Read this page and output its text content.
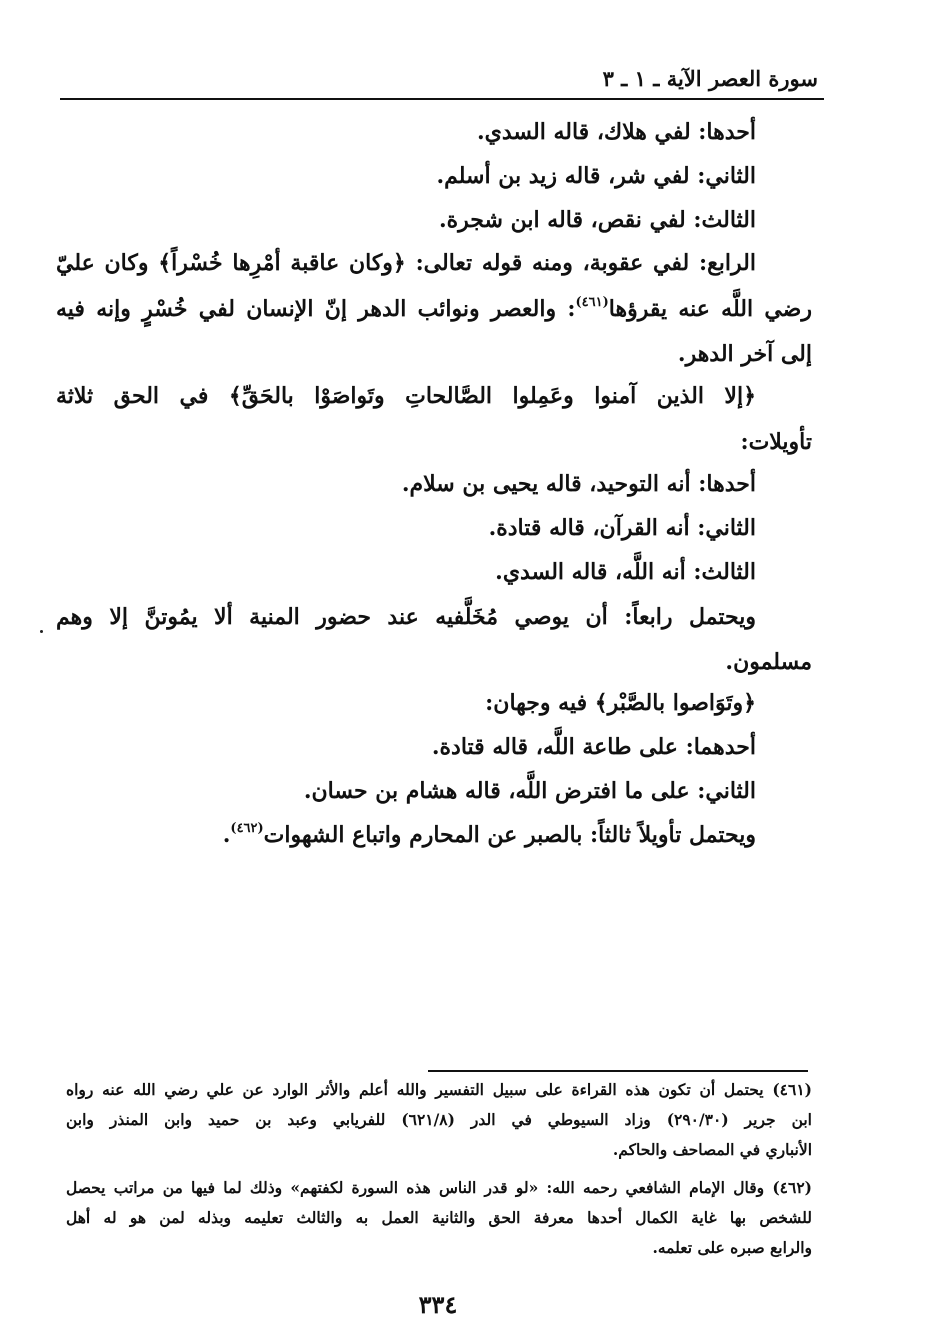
سورة العصر الآية ـ ١ ـ ٣
أحدها: لفي هلاك، قاله السدي.
الثاني: لفي شر، قاله زيد بن أسلم.
الثالث: لفي نقص، قاله ابن شجرة.
الرابع: لفي عقوبة، ومنه قوله تعالى: ﴿وكان عاقبة أمْرِها خُسْراً﴾ وكان عليّ
رضي اللَّه عنه يقرؤها$^{(٤٦١)}$: والعصر ونوائب الدهر إنّ الإنسان لفي خُسْرٍ وإنه فيه
إلى آخر الدهر.
﴿إلا الذين آمنوا وعَمِلوا الصَّالحاتِ وتَواصَوْا بالحَقِّ﴾ في الحق ثلاثة
تأويلات:
أحدها: أنه التوحيد، قاله يحيى بن سلام.
الثاني: أنه القرآن، قاله قتادة.
الثالث: أنه اللَّه، قاله السدي.
ويحتمل رابعاً: أن يوصي مُخَلَّفيه عند حضور المنية ألا يمُوتنَّ إلا وهم
مسلمون.
﴿وتَوَاصوا بالصَّبْر﴾ فيه وجهان:
أحدهما: على طاعة اللَّه، قاله قتادة.
الثاني: على ما افترض اللَّه، قاله هشام بن حسان.
ويحتمل تأويلاً ثالثاً: بالصبر عن المحارم واتباع الشهوات$^{(٤٦٢)}$.
(٤٦١) يحتمل أن تكون هذه القراءة على سبيل التفسير والله أعلم والأثر الوارد عن علي رضي الله عنه رواه
ابن جرير (٢٩٠/٣٠) وزاد السيوطي في الدر (٦٢١/٨) للفريابي وعبد بن حميد وابن المنذر وابن
الأنباري في المصاحف والحاكم.
(٤٦٢) وقال الإمام الشافعي رحمه الله: «لو قدر الناس هذه السورة لكفتهم» وذلك لما فيها من مراتب يحصل
للشخص بها غاية الكمال أحدها معرفة الحق والثانية العمل به والثالث تعليمه وبذله لمن هو له أهل
والرابع صبره على تعلمه.
٣٣٤
